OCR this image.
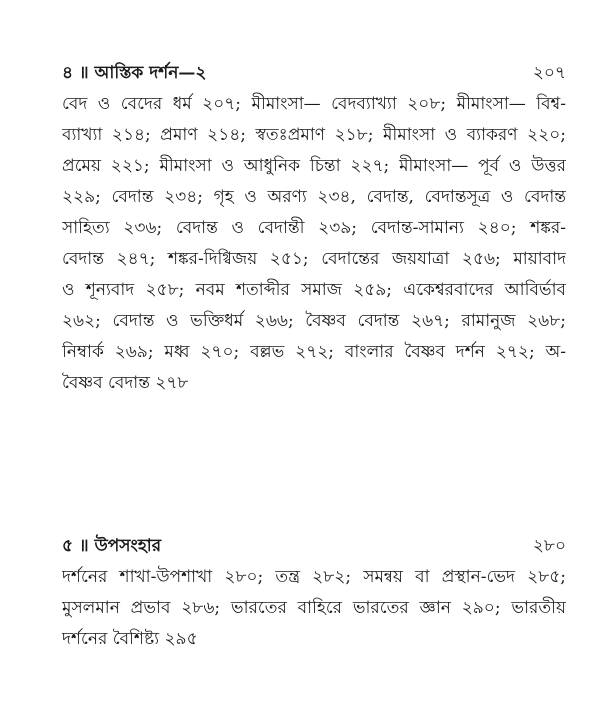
৪ ॥ আস্তিক দর্শন—২	২০৭
বেদ ও বেদের ধর্ম ২০৭; মীমাংসা— বেদব্যাখ্যা ২০৮; মীমাংসা— বিশ্ব-
ব্যাখ্যা ২১৪; প্রমাণ ২১৪; স্বতঃপ্রমাণ ২১৮; মীমাংসা ও ব্যাকরণ ২২০;
প্রমেয় ২২১; মীমাংসা ও আধুনিক চিন্তা ২২৭; মীমাংসা— পূর্ব ও উত্তর
২২৯; বেদান্ত ২৩৪; গৃহ ও অরণ্য ২৩৪, বেদান্ত, বেদান্তসূত্র ও বেদান্ত
সাহিত্য ২৩৬; বেদান্ত ও বেদান্তী ২৩৯; বেদান্ত-সামান্য ২৪০; শঙ্কর-
বেদান্ত ২৪৭; শঙ্কর-দিগ্বিজয় ২৫১; বেদান্তের জয়যাত্রা ২৫৬; মায়াবাদ
ও শূন্যবাদ ২৫৮; নবম শতাব্দীর সমাজ ২৫৯; একেশ্বরবাদের আবির্ভাব
২৬২; বেদান্ত ও ভক্তিধর্ম ২৬৬; বৈষ্ণব বেদান্ত ২৬৭; রামানুজ ২৬৮;
নিম্বার্ক ২৬৯; মধ্ব ২৭০; বল্লভ ২৭২; বাংলার বৈষ্ণব দর্শন ২৭২; অ-
বৈষ্ণব বেদান্ত ২৭৮
৫ ॥ উপসংহার	২৮০
দর্শনের শাখা-উপশাখা ২৮০; তন্ত্র ২৮২; সমন্বয় বা প্রস্থান-ভেদ ২৮৫;
মুসলমান প্রভাব ২৮৬; ভারতের বাহিরে ভারতের জ্ঞান ২৯০; ভারতীয়
দর্শনের বৈশিষ্ট্য ২৯৫
